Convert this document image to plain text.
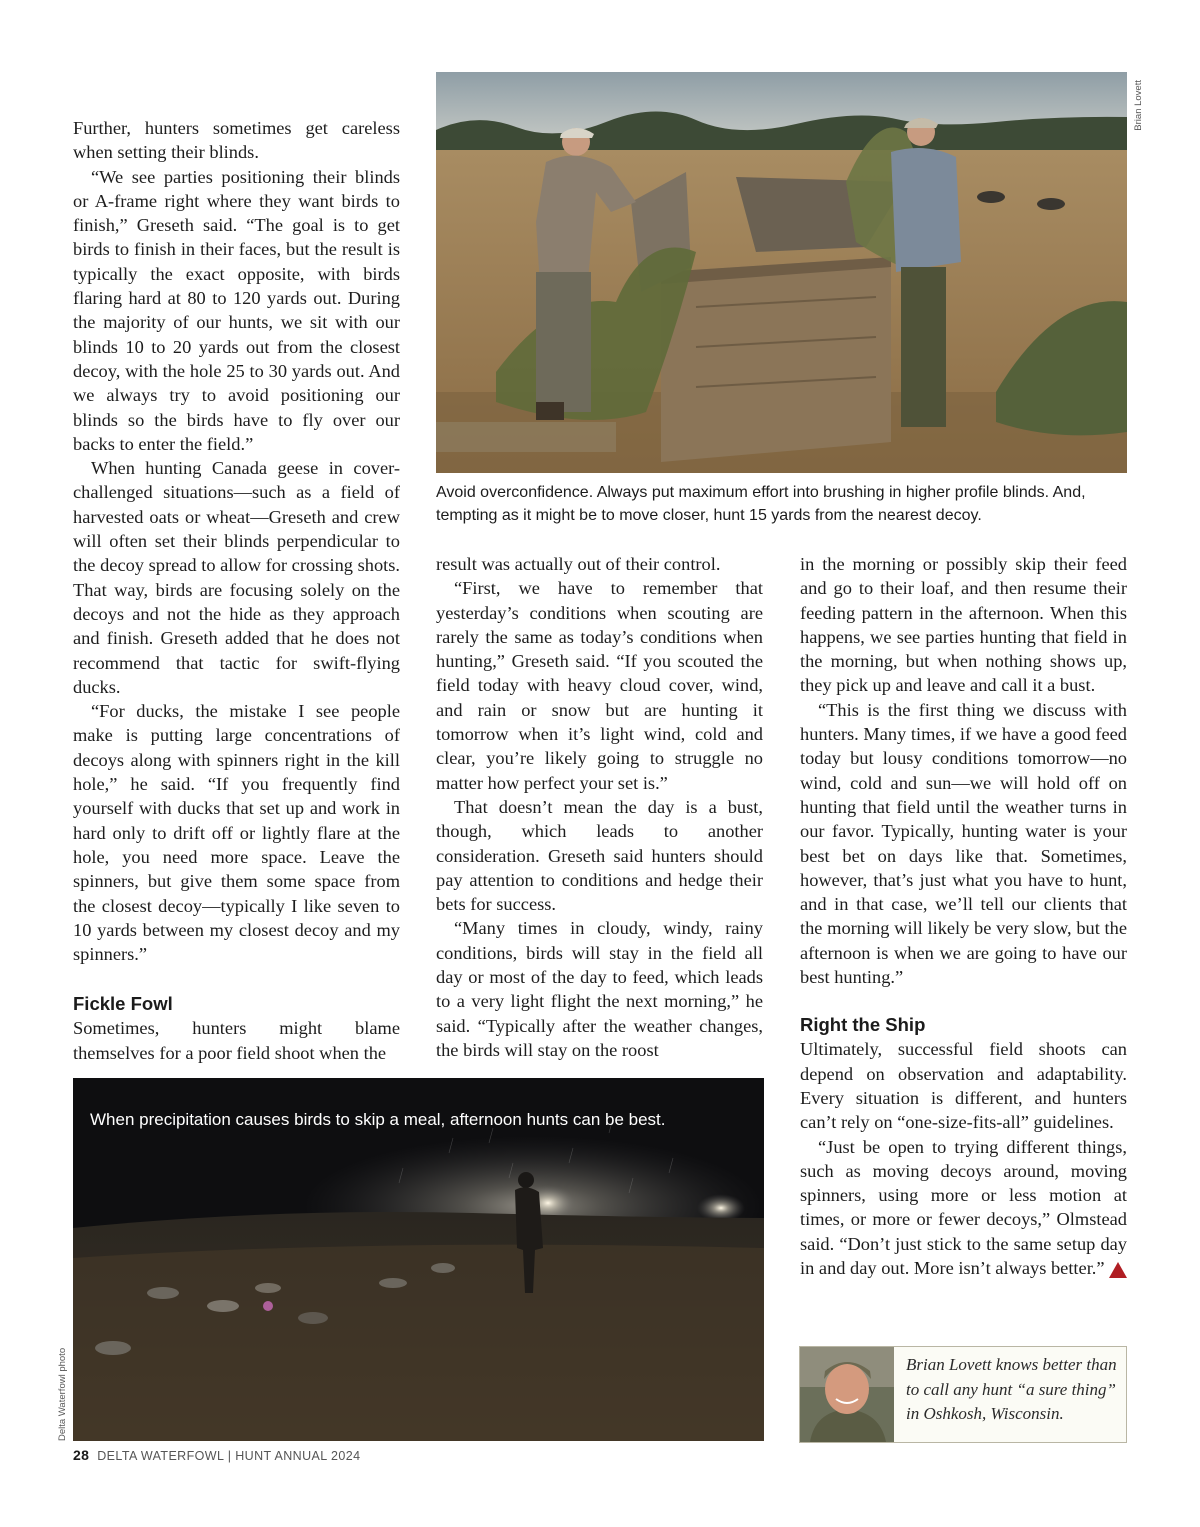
Brian Lovett
Avoid overconfidence. Always put maximum effort into brushing in higher profile blinds. And, tempting as it might be to move closer, hunt 15 yards from the nearest decoy.

Further, hunters sometimes get careless when setting their blinds.

“We see parties positioning their blinds or A-frame right where they want birds to finish,” Greseth said. “The goal is to get birds to finish in their faces, but the result is typically the exact opposite, with birds flaring hard at 80 to 120 yards out. During the majority of our hunts, we sit with our blinds 10 to 20 yards out from the closest decoy, with the hole 25 to 30 yards out. And we always try to avoid positioning our blinds so the birds have to fly over our backs to enter the field.”

When hunting Canada geese in cover-challenged situations—such as a field of harvested oats or wheat—Greseth and crew will often set their blinds perpendicular to the decoy spread to allow for crossing shots. That way, birds are focusing solely on the decoys and not the hide as they approach and finish. Greseth added that he does not recommend that tactic for swift-flying ducks.

“For ducks, the mistake I see people make is putting large concentrations of decoys along with spinners right in the kill hole,” he said. “If you frequently find yourself with ducks that set up and work in hard only to drift off or lightly flare at the hole, you need more space. Leave the spinners, but give them some space from the closest decoy—typically I like seven to 10 yards between my closest decoy and my spinners.”

Fickle Fowl

Sometimes, hunters might blame themselves for a poor field shoot when the

result was actually out of their control.

“First, we have to remember that yesterday’s conditions when scouting are rarely the same as today’s conditions when hunting,” Greseth said. “If you scouted the field today with heavy cloud cover, wind, and rain or snow but are hunting it tomorrow when it’s light wind, cold and clear, you’re likely going to struggle no matter how perfect your set is.”

That doesn’t mean the day is a bust, though, which leads to another consideration. Greseth said hunters should pay attention to conditions and hedge their bets for success.

“Many times in cloudy, windy, rainy conditions, birds will stay in the field all day or most of the day to feed, which leads to a very light flight the next morning,” he said. “Typically after the weather changes, the birds will stay on the roost

in the morning or possibly skip their feed and go to their loaf, and then resume their feeding pattern in the afternoon. When this happens, we see parties hunting that field in the morning, but when nothing shows up, they pick up and leave and call it a bust.

“This is the first thing we discuss with hunters. Many times, if we have a good feed today but lousy conditions tomorrow—no wind, cold and sun—we will hold off on hunting that field until the weather turns in our favor. Typically, hunting water is your best bet on days like that. Sometimes, however, that’s just what you have to hunt, and in that case, we’ll tell our clients that the morning will likely be very slow, but the afternoon is when we are going to have our best hunting.”

Right the Ship

Ultimately, successful field shoots can depend on observation and adaptability. Every situation is different, and hunters can’t rely on “one-size-fits-all” guidelines.

“Just be open to trying different things, such as moving decoys around, moving spinners, using more or less motion at times, or more or fewer decoys,” Olmstead said. “Don’t just stick to the same setup day in and day out. More isn’t always better.”

When precipitation causes birds to skip a meal, afternoon hunts can be best.
Delta Waterfowl photo	Brian Lovett knows better than to call any hunt “a sure thing” in Oshkosh, Wisconsin.
28 DELTA WATERFOWL | HUNT ANNUAL 2024
